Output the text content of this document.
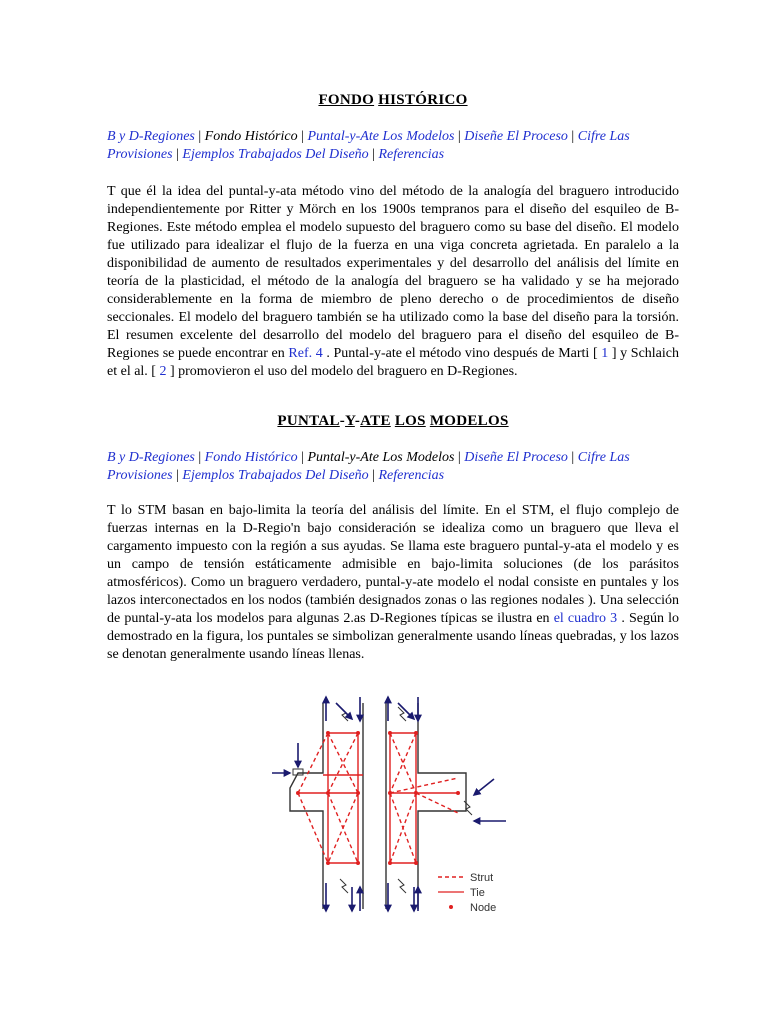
FONDO HISTÓRICO

B y D-Regiones | Fondo Histórico | Puntal-y-Ate Los Modelos | Diseñe El Proceso | Cifre Las Provisiones | Ejemplos Trabajados Del Diseño | Referencias

T que él la idea del puntal-y-ata método vino del método de la analogía del braguero introducido independientemente por Ritter y Mörch en los 1900s tempranos para el diseño del esquileo de B-Regiones. Este método emplea el modelo supuesto del braguero como su base del diseño. El modelo fue utilizado para idealizar el flujo de la fuerza en una viga concreta agrietada. En paralelo a la disponibilidad de aumento de resultados experimentales y del desarrollo del análisis del límite en teoría de la plasticidad, el método de la analogía del braguero se ha validado y se ha mejorado considerablemente en la forma de miembro de pleno derecho o de procedimientos de diseño seccionales. El modelo del braguero también se ha utilizado como la base del diseño para la torsión. El resumen excelente del desarrollo del modelo del braguero para el diseño del esquileo de B-Regiones se puede encontrar en Ref. 4 . Puntal-y-ate el método vino después de Marti [ 1 ] y Schlaich et el al. [ 2 ] promovieron el uso del modelo del braguero en D-Regiones.

PUNTAL-Y-ATE LOS MODELOS

B y D-Regiones | Fondo Histórico | Puntal-y-Ate Los Modelos | Diseñe El Proceso | Cifre Las Provisiones | Ejemplos Trabajados Del Diseño | Referencias

T lo STM basan en bajo-limita la teoría del análisis del límite. En el STM, el flujo complejo de fuerzas internas en la D-Regio'n bajo consideración se idealiza como un braguero que lleva el cargamento impuesto con la región a sus ayudas. Se llama este braguero puntal-y-ata el modelo y es un campo de tensión estáticamente admisible en bajo-limita soluciones (de los parásitos atmosféricos). Como un braguero verdadero, puntal-y-ate modelo el nodal consiste en puntales y los lazos interconectados en los nodos (también designados zonas o las regiones nodales ). Una selección de puntal-y-ata los modelos para algunas 2.as D-Regiones típicas se ilustra en el cuadro 3 . Según lo demostrado en la figura, los puntales se simbolizan generalmente usando líneas quebradas, y los lazos se denotan generalmente usando líneas llenas.

Strut
Tie
Node
